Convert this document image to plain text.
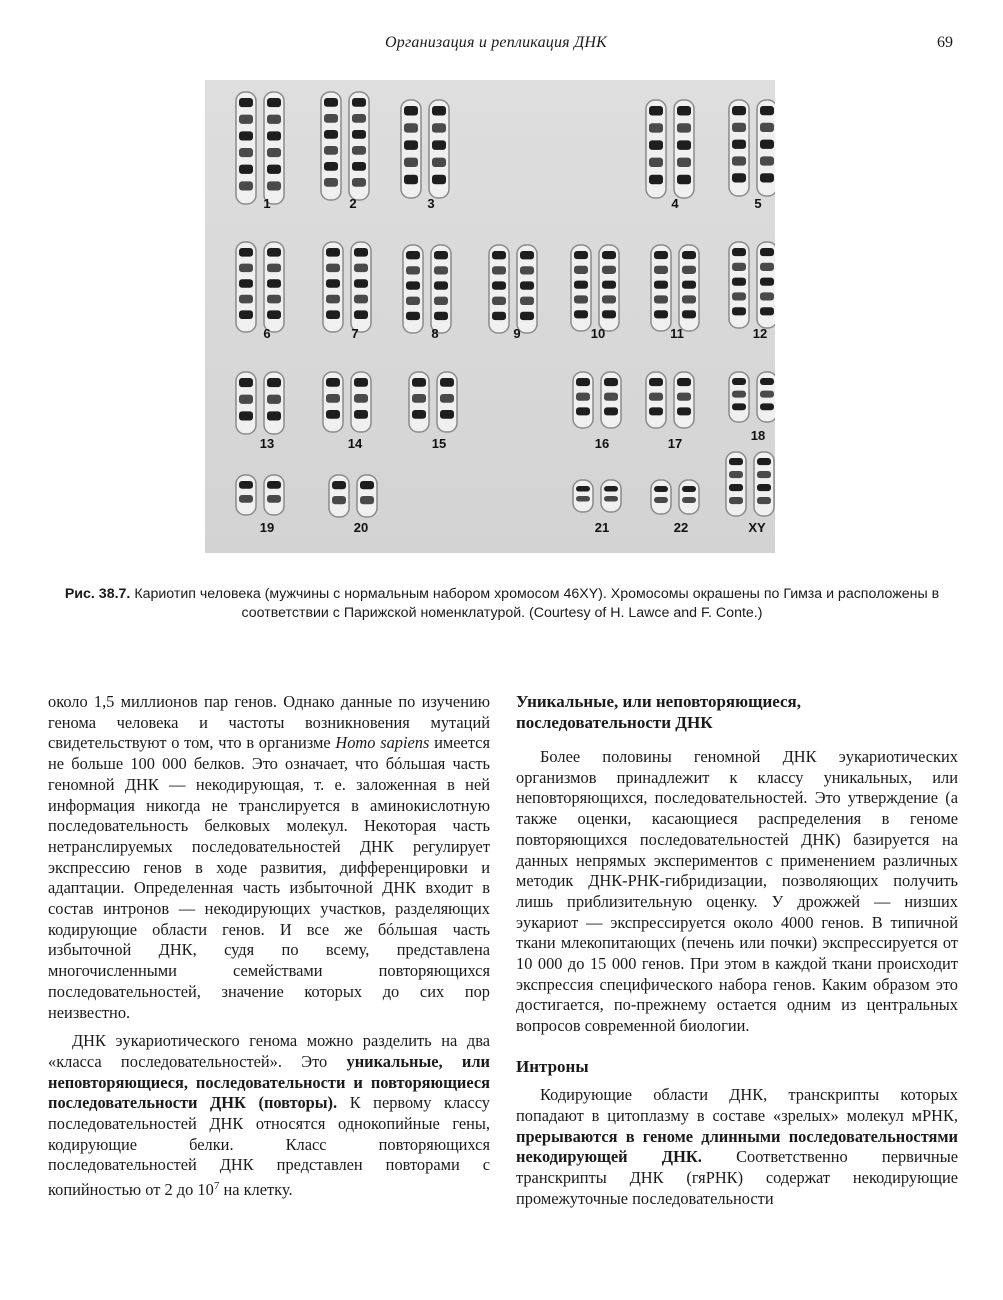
Организация и репликация ДНК	69
1	2	3	4	5
6	7	8	9	10	11	12
13	14	15	16	17
18
19	20	21	22	XY
Рис. 38.7. Кариотип человека (мужчины с нормальным набором хромосом 46XY). Хромосомы окрашены по Гимза и расположены в соответствии с Парижской номенклатурой. (Courtesy of H. Lawce and F. Conte.)

около 1,5 миллионов пар генов. Однако данные по изучению генома человека и частоты возникновения мутаций свидетельствуют о том, что в организме Homo sapiens имеется не больше 100 000 белков. Это означает, что бóльшая часть геномной ДНК — некодирующая, т. е. заложенная в ней информация никогда не транслируется в аминокислотную последовательность белковых молекул. Некоторая часть нетранслируемых последовательностей ДНК регулирует экспрессию генов в ходе развития, дифференцировки и адаптации. Определенная часть избыточной ДНК входит в состав интронов — некодирующих участков, разделяющих кодирующие области генов. И все же бóльшая часть избыточной ДНК, судя по всему, представлена многочисленными семействами повторяющихся последовательностей, значение которых до сих пор неизвестно.

ДНК эукариотического генома можно разделить на два «класса последовательностей». Это уникальные, или неповторяющиеся, последовательности и повторяющиеся последовательности ДНК (повторы). К первому классу последовательностей ДНК относятся однокопийные гены, кодирующие белки. Класс повторяющихся последовательностей ДНК представлен повторами с копийностью от 2 до $10^7$ на клетку.

Уникальные, или неповторяющиеся, последовательности ДНК

Более половины геномной ДНК эукариотических организмов принадлежит к классу уникальных, или неповторяющихся, последовательностей. Это утверждение (а также оценки, касающиеся распределения в геноме повторяющихся последовательностей ДНК) базируется на данных непрямых экспериментов с применением различных методик ДНК-РНК-гибридизации, позволяющих получить лишь приблизительную оценку. У дрожжей — низших эукариот — экспрессируется около 4000 генов. В типичной ткани млекопитающих (печень или почки) экспрессируется от 10 000 до 15 000 генов. При этом в каждой ткани происходит экспрессия специфического набора генов. Каким образом это достигается, по-прежнему остается одним из центральных вопросов современной биологии.

Интроны

Кодирующие области ДНК, транскрипты которых попадают в цитоплазму в составе «зрелых» молекул мРНК, прерываются в геноме длинными последовательностями некодирующей ДНК. Соответственно первичные транскрипты ДНК (гяРНК) содержат некодирующие промежуточные последовательности
